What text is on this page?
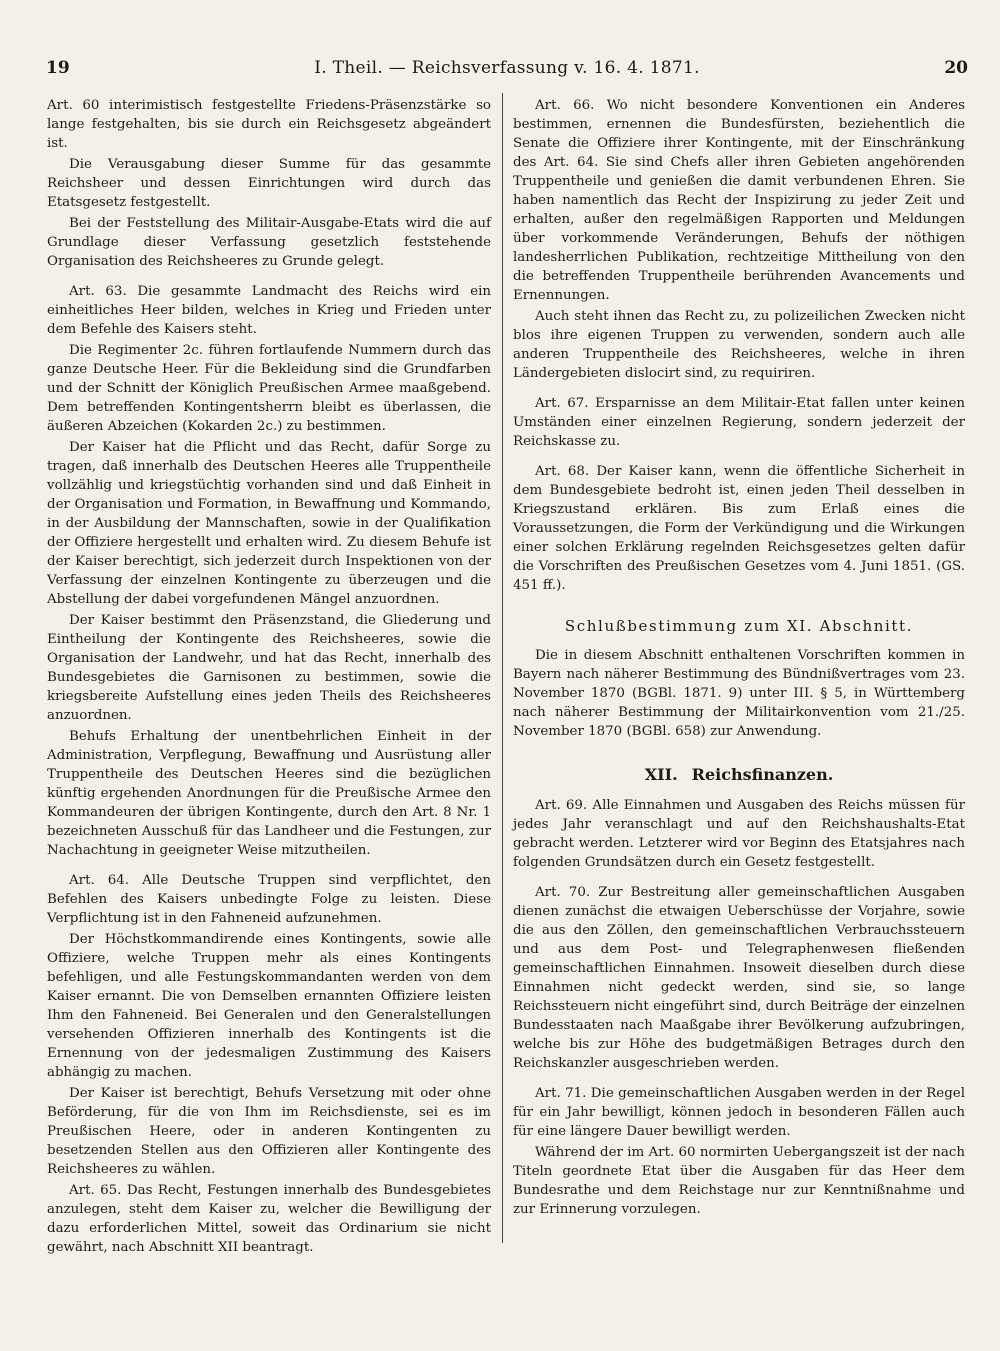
19	I. Theil. — Reichsverfassung v. 16. 4. 1871.	20

Art. 60 interimistisch festgestellte Friedens-Präsenzstärke so lange festgehalten, bis sie durch ein Reichsgesetz abgeändert ist.

Die Verausgabung dieser Summe für das gesammte Reichsheer und dessen Einrichtungen wird durch das Etatsgesetz festgestellt.

Bei der Feststellung des Militair-Ausgabe-Etats wird die auf Grundlage dieser Verfassung gesetzlich feststehende Organisation des Reichsheeres zu Grunde gelegt.

Art. 63. Die gesammte Landmacht des Reichs wird ein einheitliches Heer bilden, welches in Krieg und Frieden unter dem Befehle des Kaisers steht.

Die Regimenter 2c. führen fortlaufende Nummern durch das ganze Deutsche Heer. Für die Bekleidung sind die Grundfarben und der Schnitt der Königlich Preußischen Armee maaßgebend. Dem betreffenden Kontingentsherrn bleibt es überlassen, die äußeren Abzeichen (Kokarden 2c.) zu bestimmen.

Der Kaiser hat die Pflicht und das Recht, dafür Sorge zu tragen, daß innerhalb des Deutschen Heeres alle Truppentheile vollzählig und kriegstüchtig vorhanden sind und daß Einheit in der Organisation und Formation, in Bewaffnung und Kommando, in der Ausbildung der Mannschaften, sowie in der Qualifikation der Offiziere hergestellt und erhalten wird. Zu diesem Behufe ist der Kaiser berechtigt, sich jederzeit durch Inspektionen von der Verfassung der einzelnen Kontingente zu überzeugen und die Abstellung der dabei vorgefundenen Mängel anzuordnen.

Der Kaiser bestimmt den Präsenzstand, die Gliederung und Eintheilung der Kontingente des Reichsheeres, sowie die Organisation der Landwehr, und hat das Recht, innerhalb des Bundesgebietes die Garnisonen zu bestimmen, sowie die kriegsbereite Aufstellung eines jeden Theils des Reichsheeres anzuordnen.

Behufs Erhaltung der unentbehrlichen Einheit in der Administration, Verpflegung, Bewaffnung und Ausrüstung aller Truppentheile des Deutschen Heeres sind die bezüglichen künftig ergehenden Anordnungen für die Preußische Armee den Kommandeuren der übrigen Kontingente, durch den Art. 8 Nr. 1 bezeichneten Ausschuß für das Landheer und die Festungen, zur Nachachtung in geeigneter Weise mitzutheilen.

Art. 64. Alle Deutsche Truppen sind verpflichtet, den Befehlen des Kaisers unbedingte Folge zu leisten. Diese Verpflichtung ist in den Fahneneid aufzunehmen.

Der Höchstkommandirende eines Kontingents, sowie alle Offiziere, welche Truppen mehr als eines Kontingents befehligen, und alle Festungskommandanten werden von dem Kaiser ernannt. Die von Demselben ernannten Offiziere leisten Ihm den Fahneneid. Bei Generalen und den Generalstellungen versehenden Offizieren innerhalb des Kontingents ist die Ernennung von der jedesmaligen Zustimmung des Kaisers abhängig zu machen.

Der Kaiser ist berechtigt, Behufs Versetzung mit oder ohne Beförderung, für die von Ihm im Reichsdienste, sei es im Preußischen Heere, oder in anderen Kontingenten zu besetzenden Stellen aus den Offizieren aller Kontingente des Reichsheeres zu wählen.

Art. 65. Das Recht, Festungen innerhalb des Bundesgebietes anzulegen, steht dem Kaiser zu, welcher die Bewilligung der dazu erforderlichen Mittel, soweit das Ordinarium sie nicht gewährt, nach Abschnitt XII beantragt.

Art. 66. Wo nicht besondere Konventionen ein Anderes bestimmen, ernennen die Bundesfürsten, beziehentlich die Senate die Offiziere ihrer Kontingente, mit der Einschränkung des Art. 64. Sie sind Chefs aller ihren Gebieten angehörenden Truppentheile und genießen die damit verbundenen Ehren. Sie haben namentlich das Recht der Inspizirung zu jeder Zeit und erhalten, außer den regelmäßigen Rapporten und Meldungen über vorkommende Veränderungen, Behufs der nöthigen landesherrlichen Publikation, rechtzeitige Mittheilung von den die betreffenden Truppentheile berührenden Avancements und Ernennungen.

Auch steht ihnen das Recht zu, zu polizeilichen Zwecken nicht blos ihre eigenen Truppen zu verwenden, sondern auch alle anderen Truppentheile des Reichsheeres, welche in ihren Ländergebieten dislocirt sind, zu requiriren.

Art. 67. Ersparnisse an dem Militair-Etat fallen unter keinen Umständen einer einzelnen Regierung, sondern jederzeit der Reichskasse zu.

Art. 68. Der Kaiser kann, wenn die öffentliche Sicherheit in dem Bundesgebiete bedroht ist, einen jeden Theil desselben in Kriegszustand erklären. Bis zum Erlaß eines die Voraussetzungen, die Form der Verkündigung und die Wirkungen einer solchen Erklärung regelnden Reichsgesetzes gelten dafür die Vorschriften des Preußischen Gesetzes vom 4. Juni 1851. (GS. 451 ff.).

Schlußbestimmung zum XI. Abschnitt.

Die in diesem Abschnitt enthaltenen Vorschriften kommen in Bayern nach näherer Bestimmung des Bündnißvertrages vom 23. November 1870 (BGBl. 1871. 9) unter III. § 5, in Württemberg nach näherer Bestimmung der Militairkonvention vom 21./25. November 1870 (BGBl. 658) zur Anwendung.

XII. Reichsfinanzen.

Art. 69. Alle Einnahmen und Ausgaben des Reichs müssen für jedes Jahr veranschlagt und auf den Reichshaushalts-Etat gebracht werden. Letzterer wird vor Beginn des Etatsjahres nach folgenden Grundsätzen durch ein Gesetz festgestellt.

Art. 70. Zur Bestreitung aller gemeinschaftlichen Ausgaben dienen zunächst die etwaigen Ueberschüsse der Vorjahre, sowie die aus den Zöllen, den gemeinschaftlichen Verbrauchssteuern und aus dem Post- und Telegraphenwesen fließenden gemeinschaftlichen Einnahmen. Insoweit dieselben durch diese Einnahmen nicht gedeckt werden, sind sie, so lange Reichssteuern nicht eingeführt sind, durch Beiträge der einzelnen Bundesstaaten nach Maaßgabe ihrer Bevölkerung aufzubringen, welche bis zur Höhe des budgetmäßigen Betrages durch den Reichskanzler ausgeschrieben werden.

Art. 71. Die gemeinschaftlichen Ausgaben werden in der Regel für ein Jahr bewilligt, können jedoch in besonderen Fällen auch für eine längere Dauer bewilligt werden.

Während der im Art. 60 normirten Uebergangszeit ist der nach Titeln geordnete Etat über die Ausgaben für das Heer dem Bundesrathe und dem Reichstage nur zur Kenntnißnahme und zur Erinnerung vorzulegen.
